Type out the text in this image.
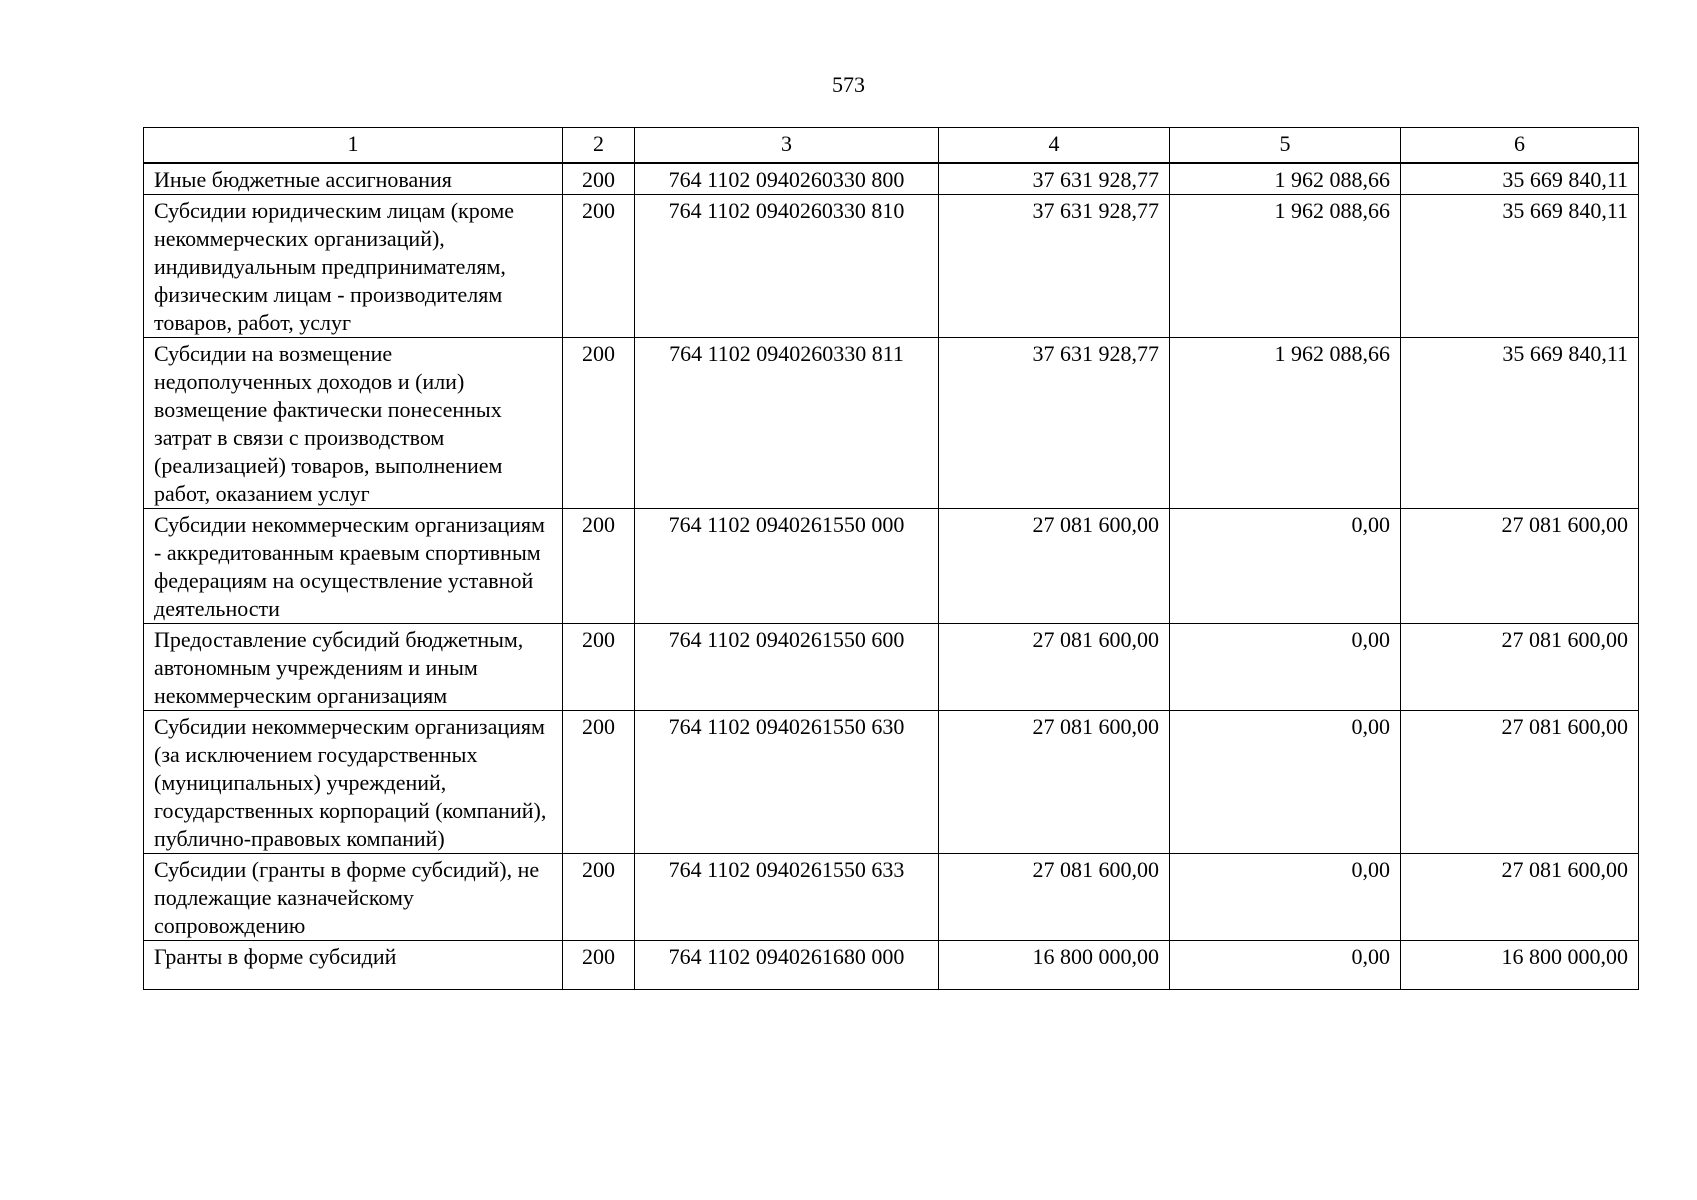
573
1	2	3	4	5	6
Иные бюджетные ассигнования	200	764 1102 0940260330 800	37 631 928,77	1 962 088,66	35 669 840,11
Субсидии юридическим лицам (кроме некоммерческих организаций), индивидуальным предпринимателям, физическим лицам - производителям товаров, работ, услуг	200	764 1102 0940260330 810	37 631 928,77	1 962 088,66	35 669 840,11
Субсидии на возмещение недополученных доходов и (или) возмещение фактически понесенных затрат в связи с производством (реализацией) товаров, выполнением работ, оказанием услуг	200	764 1102 0940260330 811	37 631 928,77	1 962 088,66	35 669 840,11
Субсидии некоммерческим организациям - аккредитованным краевым спортивным федерациям на осуществление уставной деятельности	200	764 1102 0940261550 000	27 081 600,00	0,00	27 081 600,00
Предоставление субсидий бюджетным, автономным учреждениям и иным некоммерческим организациям	200	764 1102 0940261550 600	27 081 600,00	0,00	27 081 600,00
Субсидии некоммерческим организациям (за исключением государственных (муниципальных) учреждений, государственных корпораций (компаний), публично-правовых компаний)	200	764 1102 0940261550 630	27 081 600,00	0,00	27 081 600,00
Субсидии (гранты в форме субсидий), не подлежащие казначейскому сопровождению	200	764 1102 0940261550 633	27 081 600,00	0,00	27 081 600,00
Гранты в форме субсидий	200	764 1102 0940261680 000	16 800 000,00	0,00	16 800 000,00
